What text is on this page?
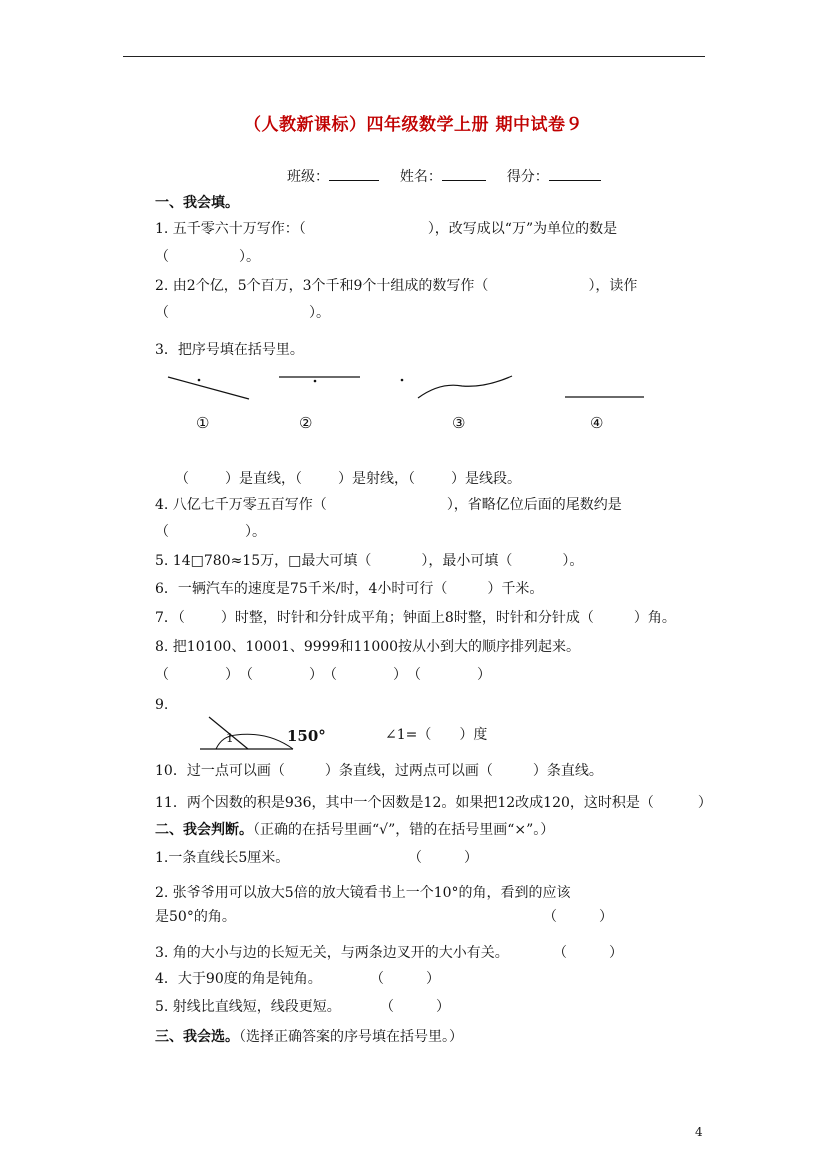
（人教新课标）四年级数学上册 期中试卷９
班级：	姓名：	得分：
一、我会填。
1. 五千零六十万写作：（	），改写成以“万”为单位的数是
（	）。
2. 由2个亿，5个百万，3个千和9个十组成的数写作（	），读作
（	）。
3．把序号填在括号里。
①	②	③	④
（	）是直线，（	）是射线，（	）是线段。
4. 八亿七千万零五百写作（	），省略亿位后面的尾数约是
（	）。
5. 14□780≈15万，□最大可填（	），最小可填（	）。
6．一辆汽车的速度是75千米/时，4小时可行（	）千米。
7．（	）时整，时针和分针成平角；钟面上8时整，时针和分针成（	）角。
8. 把10100、10001、9999和11000按从小到大的顺序排列起来。
（　　　　）　（　　　　）　（　　　　）　（　　　　）
9.
1	150°	∠1=（　　）度
10．过一点可以画（	）条直线，过两点可以画（	）条直线。
11．两个因数的积是936，其中一个因数是12。如果把12改成120，这时积是（	）
二、我会判断。（正确的在括号里画“√”，错的在括号里画“×”。）
1.一条直线长5厘米。	（　　　）
2. 张爷爷用可以放大5倍的放大镜看书上一个10°的角，看到的应该
是50°的角。	（　　　）
3. 角的大小与边的长短无关，与两条边叉开的大小有关。	（　　　）
4．大于90度的角是钝角。	（　　　）
5. 射线比直线短，线段更短。	（　　　）
三、我会选。（选择正确答案的序号填在括号里。）
4
